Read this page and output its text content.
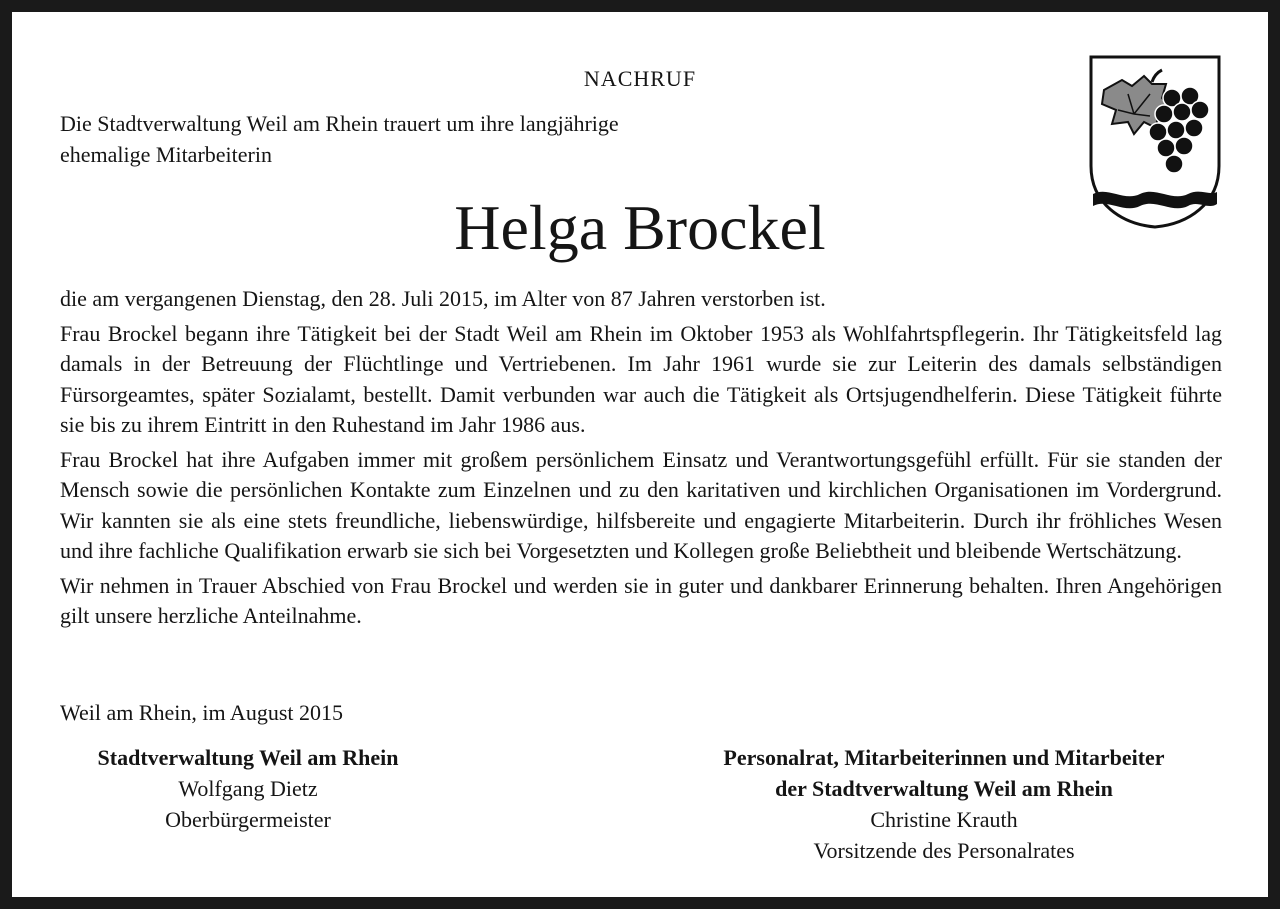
NACHRUF
Die Stadtverwaltung Weil am Rhein trauert um ihre langjährige
ehemalige Mitarbeiterin
Helga Brockel

die am vergangenen Dienstag, den 28. Juli 2015, im Alter von 87 Jahren verstorben ist.

Frau Brockel begann ihre Tätigkeit bei der Stadt Weil am Rhein im Oktober 1953 als Wohlfahrtspflegerin. Ihr Tätigkeitsfeld lag damals in der Betreuung der Flüchtlinge und Vertriebenen. Im Jahr 1961 wurde sie zur Leiterin des damals selbständigen Fürsorgeamtes, später Sozialamt, bestellt. Damit verbunden war auch die Tätigkeit als Ortsjugendhelferin. Diese Tätigkeit führte sie bis zu ihrem Eintritt in den Ruhestand im Jahr 1986 aus.

Frau Brockel hat ihre Aufgaben immer mit großem persönlichem Einsatz und Verantwortungsgefühl erfüllt. Für sie standen der Mensch sowie die persönlichen Kontakte zum Einzelnen und zu den karitativen und kirchlichen Organisationen im Vordergrund. Wir kannten sie als eine stets freundliche, liebenswürdige, hilfsbereite und engagierte Mitarbeiterin. Durch ihr fröhliches Wesen und ihre fachliche Qualifikation erwarb sie sich bei Vorgesetzten und Kollegen große Beliebtheit und bleibende Wertschätzung.

Wir nehmen in Trauer Abschied von Frau Brockel und werden sie in guter und dankbarer Erinnerung behalten. Ihren Angehörigen gilt unsere herzliche Anteilnahme.

Weil am Rhein, im August 2015
Stadtverwaltung Weil am Rhein
Wolfgang Dietz
Oberbürgermeister
Personalrat, Mitarbeiterinnen und Mitarbeiter
der Stadtverwaltung Weil am Rhein
Christine Krauth
Vorsitzende des Personalrates
